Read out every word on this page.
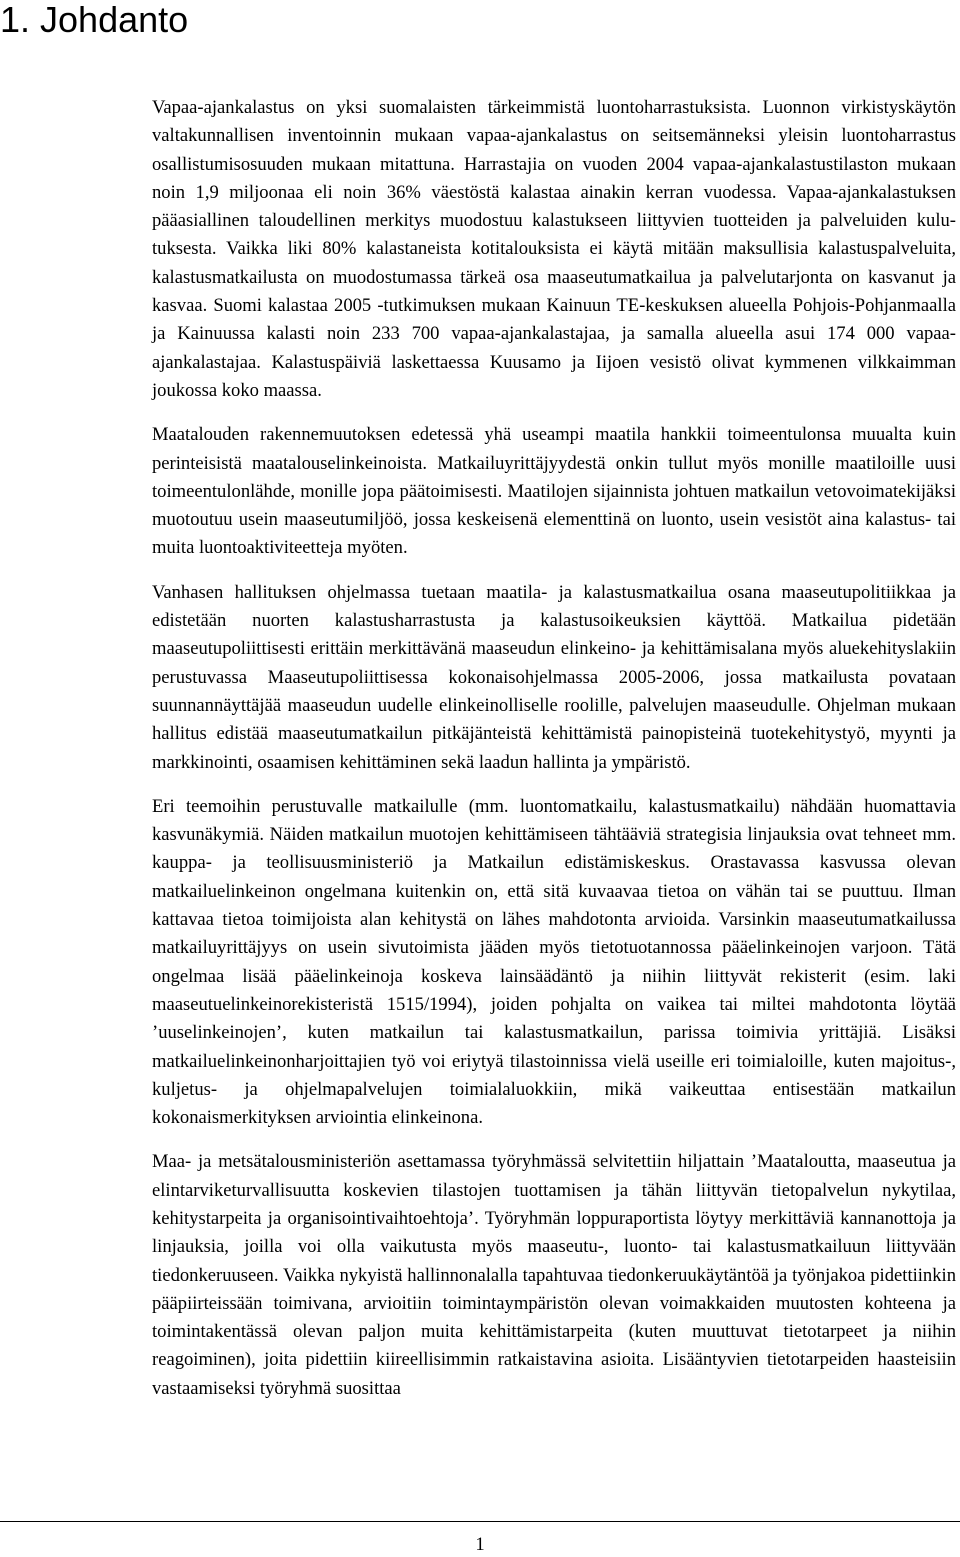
1. Johdanto

Vapaa-ajankalastus on yksi suomalaisten tärkeimmistä luontoharrastuksista. Luonnon virkistyskäytön valtakunnallisen inventoinnin mukaan vapaa-ajankalastus on seitsemänneksi yleisin luontoharrastus osallistumisosuuden mukaan mitattuna. Harrastajia on vuoden 2004 vapaa-ajankalastustilaston mukaan noin 1,9 miljoonaa eli noin 36% väestöstä kalastaa ainakin kerran vuodessa. Vapaa-ajankalastuksen pääasiallinen taloudellinen merkitys muodostuu kalastukseen liittyvien tuotteiden ja palveluiden kulutuksesta. Vaikka liki 80% kalastaneista kotitalouksista ei käytä mitään maksullisia kalastuspalveluita, kalastusmatkailusta on muodostumassa tärkeä osa maaseutumatkailua ja palvelutarjonta on kasvanut ja kasvaa. Suomi kalastaa 2005 -tutkimuksen mukaan Kainuun TE-keskuksen alueella Pohjois-Pohjanmaalla ja Kainuussa kalasti noin 233 700 vapaa-ajankalastajaa, ja samalla alueella asui 174 000 vapaa-ajankalastajaa. Kalastuspäiviä laskettaessa Kuusamo ja Iijoen vesistö olivat kymmenen vilkkaimman joukossa koko maassa.

Maatalouden rakennemuutoksen edetessä yhä useampi maatila hankkii toimeentulonsa muualta kuin perinteisistä maatalouselinkeinoista. Matkailuyrittäjyydestä onkin tullut myös monille maatiloille uusi toimeentulonlähde, monille jopa päätoimisesti. Maatilojen sijainnista johtuen matkailun vetovoimatekijäksi muotoutuu usein maaseutumiljöö, jossa keskeisenä elementtinä on luonto, usein vesistöt aina kalastus- tai muita luontoaktiviteetteja myöten.

Vanhasen hallituksen ohjelmassa tuetaan maatila- ja kalastusmatkailua osana maaseutupolitiikkaa ja edistetään nuorten kalastusharrastusta ja kalastusoikeuksien käyttöä. Matkailua pidetään maaseutupoliittisesti erittäin merkittävänä maaseudun elinkeino- ja kehittämisalana myös aluekehityslakiin perustuvassa Maaseutupoliittisessa kokonaisohjelmassa 2005-2006, jossa matkailusta povataan suunnannäyttäjää maaseudun uudelle elinkeinolliselle roolille, palvelujen maaseudulle. Ohjelman mukaan hallitus edistää maaseutumatkailun pitkäjänteistä kehittämistä painopisteinä tuotekehitystyö, myynti ja markkinointi, osaamisen kehittäminen sekä laadun hallinta ja ympäristö.

Eri teemoihin perustuvalle matkailulle (mm. luontomatkailu, kalastusmatkailu) nähdään huomattavia kasvunäkymiä. Näiden matkailun muotojen kehittämiseen tähtääviä strategisia linjauksia ovat tehneet mm. kauppa- ja teollisuusministeriö ja Matkailun edistämiskeskus. Orastavassa kasvussa olevan matkailuelinkeinon ongelmana kuitenkin on, että sitä kuvaavaa tietoa on vähän tai se puuttuu. Ilman kattavaa tietoa toimijoista alan kehitystä on lähes mahdotonta arvioida. Varsinkin maaseutumatkailussa matkailuyrittäjyys on usein sivutoimista jääden myös tietotuotannossa pääelinkeinojen varjoon. Tätä ongelmaa lisää pääelinkeinoja koskeva lainsäädäntö ja niihin liittyvät rekisterit (esim. laki maaseutuelinkeinorekisteristä 1515/1994), joiden pohjalta on vaikea tai miltei mahdotonta löytää ’uuselinkeinojen’, kuten matkailun tai kalastusmatkailun, parissa toimivia yrittäjiä. Lisäksi matkailuelinkeinonharjoittajien työ voi eriytyä tilastoinnissa vielä useille eri toimialoille, kuten majoitus-, kuljetus- ja ohjelmapalvelujen toimialaluokkiin, mikä vaikeuttaa entisestään matkailun kokonaismerkityksen arviointia elinkeinona.

Maa- ja metsätalousministeriön asettamassa työryhmässä selvitettiin hiljattain ’Maataloutta, maaseutua ja elintarviketurvallisuutta koskevien tilastojen tuottamisen ja tähän liittyvän tietopalvelun nykytilaa, kehitystarpeita ja organisointivaihtoehtoja’. Työryhmän loppuraportista löytyy merkittäviä kannanottoja ja linjauksia, joilla voi olla vaikutusta myös maaseutu-, luonto- tai kalastusmatkailuun liittyvään tiedonkeruuseen. Vaikka nykyistä hallinnonalalla tapahtuvaa tiedonkeruukäytäntöä ja työnjakoa pidettiinkin pääpiirteissään toimivana, arvioitiin toimintaympäristön olevan voimakkaiden muutosten kohteena ja toimintakentässä olevan paljon muita kehittämistarpeita (kuten muuttuvat tietotarpeet ja niihin reagoiminen), joita pidettiin kiireellisimmin ratkaistavina asioita. Lisääntyvien tietotarpeiden haasteisiin vastaamiseksi työryhmä suosittaa

1
